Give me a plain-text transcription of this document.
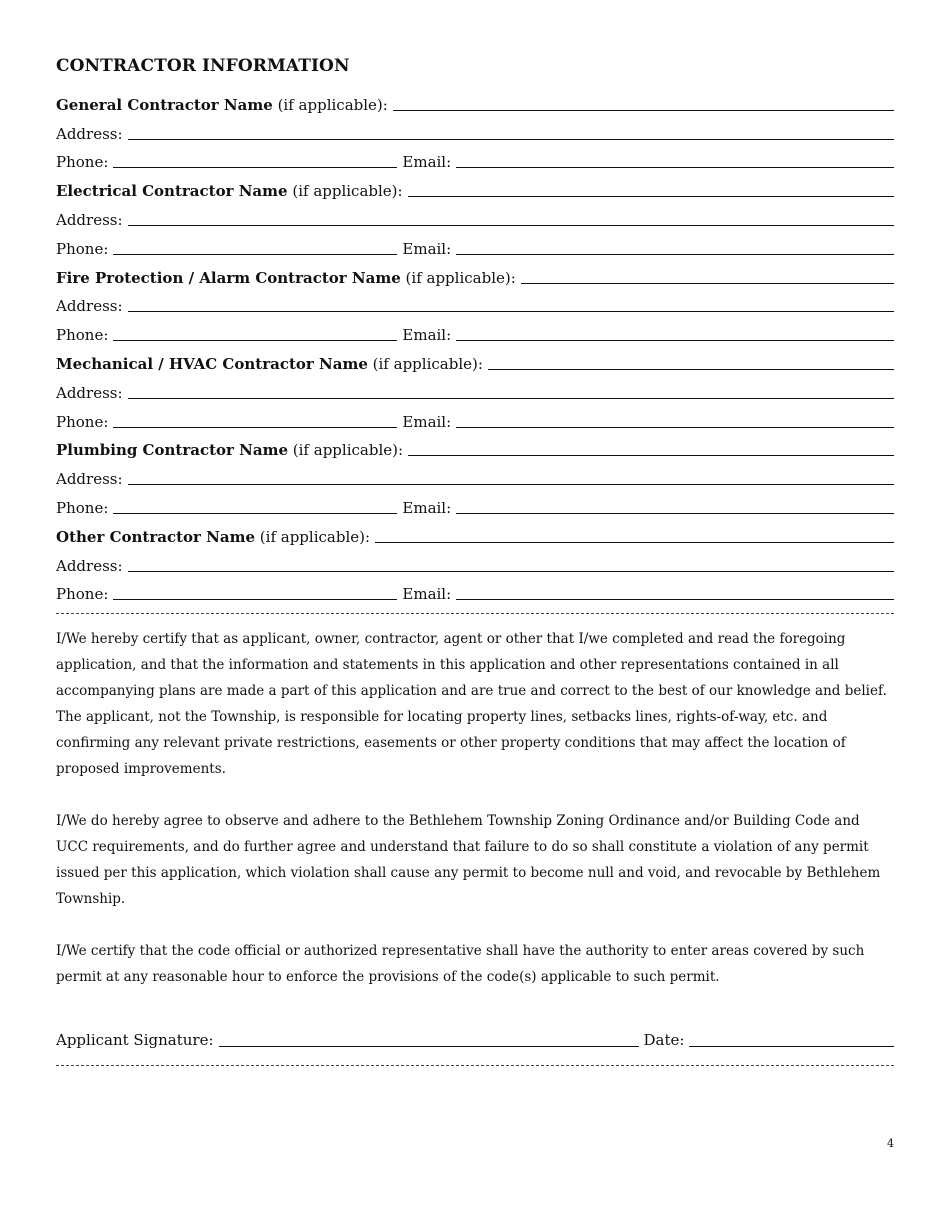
CONTRACTOR INFORMATION
General Contractor Name (if applicable):
Address:
Phone:	Email:
Electrical Contractor Name (if applicable):
Address:
Phone:	Email:
Fire Protection / Alarm Contractor Name (if applicable):
Address:
Phone:	Email:
Mechanical / HVAC Contractor Name (if applicable):
Address:
Phone:	Email:
Plumbing Contractor Name (if applicable):
Address:
Phone:	Email:
Other Contractor Name (if applicable):
Address:
Phone:	Email:

I/We hereby certify that as applicant, owner, contractor, agent or other that I/we completed and read the foregoing application, and that the information and statements in this application and other representations contained in all accompanying plans are made a part of this application and are true and correct to the best of our knowledge and belief. The applicant, not the Township, is responsible for locating property lines, setbacks lines, rights-of-way, etc. and confirming any relevant private restrictions, easements or other property conditions that may affect the location of proposed improvements.

I/We do hereby agree to observe and adhere to the Bethlehem Township Zoning Ordinance and/or Building Code and UCC requirements, and do further agree and understand that failure to do so shall constitute a violation of any permit issued per this application, which violation shall cause any permit to become null and void, and revocable by Bethlehem Township.

I/We certify that the code official or authorized representative shall have the authority to enter areas covered by such permit at any reasonable hour to enforce the provisions of the code(s) applicable to such permit.

Applicant Signature:	Date:
4
